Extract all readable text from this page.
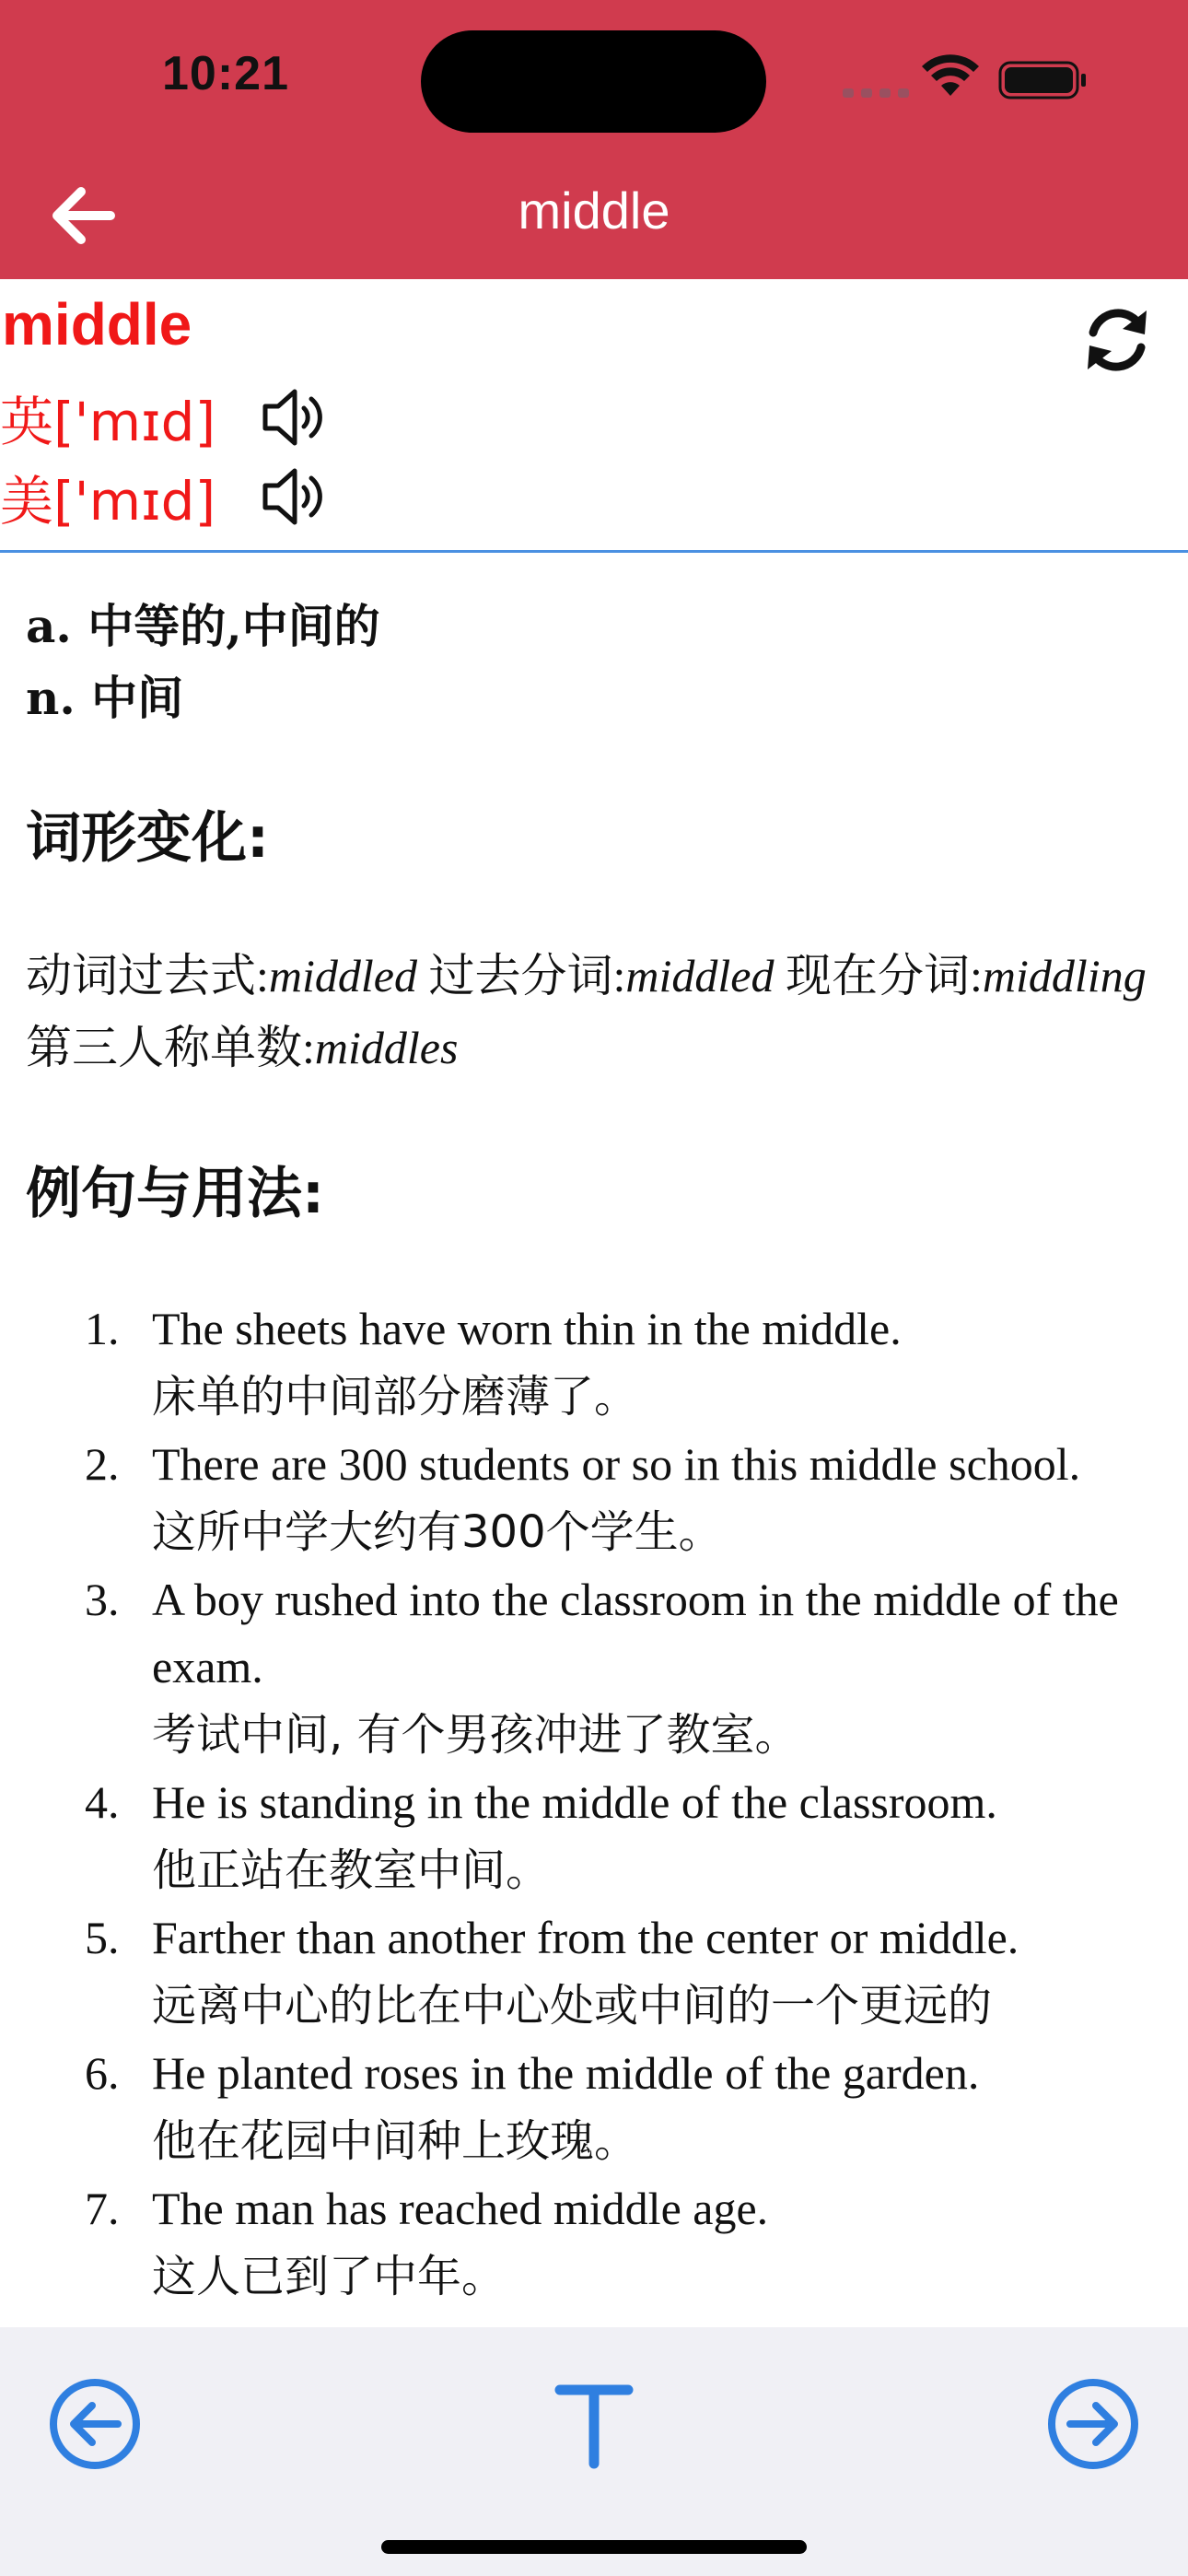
10:21
middle
middle
英['mɪd]
美['mɪd]
a. 中等的,中间的
n. 中间
词形变化:
动词过去式:middled 过去分词:middled 现在分词:middling 第三人称单数:middles
例句与用法:
1. The sheets have worn thin in the middle.
床单的中间部分磨薄了。
2. There are 300 students or so in this middle school.
这所中学大约有300个学生。
3. A boy rushed into the classroom in the middle of the exam.
考试中间, 有个男孩冲进了教室。
4. He is standing in the middle of the classroom.
他正站在教室中间。
5. Farther than another from the center or middle.
远离中心的比在中心处或中间的一个更远的
6. He planted roses in the middle of the garden.
他在花园中间种上玫瑰。
7. The man has reached middle age.
这人已到了中年。
